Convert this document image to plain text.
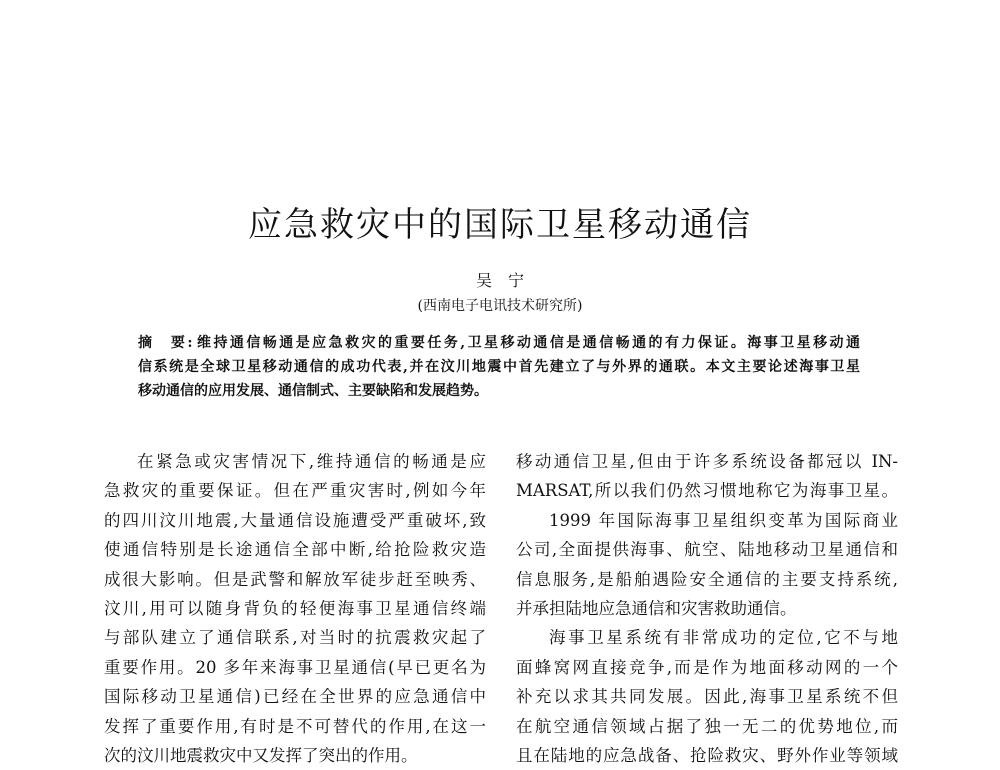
应急救灾中的国际卫星移动通信
吴　宁
(西南电子电讯技术研究所)
摘　要: 维持通信畅通是应急救灾的重要任务,卫星移动通信是通信畅通的有力保证。海事卫星移动通
信系统是全球卫星移动通信的成功代表,并在汶川地震中首先建立了与外界的通联。本文主要论述海事卫星
移动通信的应用发展、通信制式、主要缺陷和发展趋势。
在紧急或灾害情况下,维持通信的畅通是应
急救灾的重要保证。但在严重灾害时,例如今年
的四川汶川地震,大量通信设施遭受严重破坏,致
使通信特别是长途通信全部中断,给抢险救灾造
成很大影响。但是武警和解放军徒步赶至映秀、
汶川,用可以随身背负的轻便海事卫星通信终端
与部队建立了通信联系,对当时的抗震救灾起了
重要作用。20 多年来海事卫星通信(早已更名为
国际移动卫星通信)已经在全世界的应急通信中
发挥了重要作用,有时是不可替代的作用,在这一
次的汶川地震救灾中又发挥了突出的作用。
移动通信卫星,但由于许多系统设备都冠以 IN-
MARSAT,所以我们仍然习惯地称它为海事卫星。
1999 年国际海事卫星组织变革为国际商业
公司,全面提供海事、航空、陆地移动卫星通信和
信息服务,是船舶遇险安全通信的主要支持系统,
并承担陆地应急通信和灾害救助通信。
海事卫星系统有非常成功的定位,它不与地
面蜂窝网直接竞争,而是作为地面移动网的一个
补充以求其共同发展。因此,海事卫星系统不但
在航空通信领域占据了独一无二的优势地位,而
且在陆地的应急战备、抢险救灾、野外作业等领域
